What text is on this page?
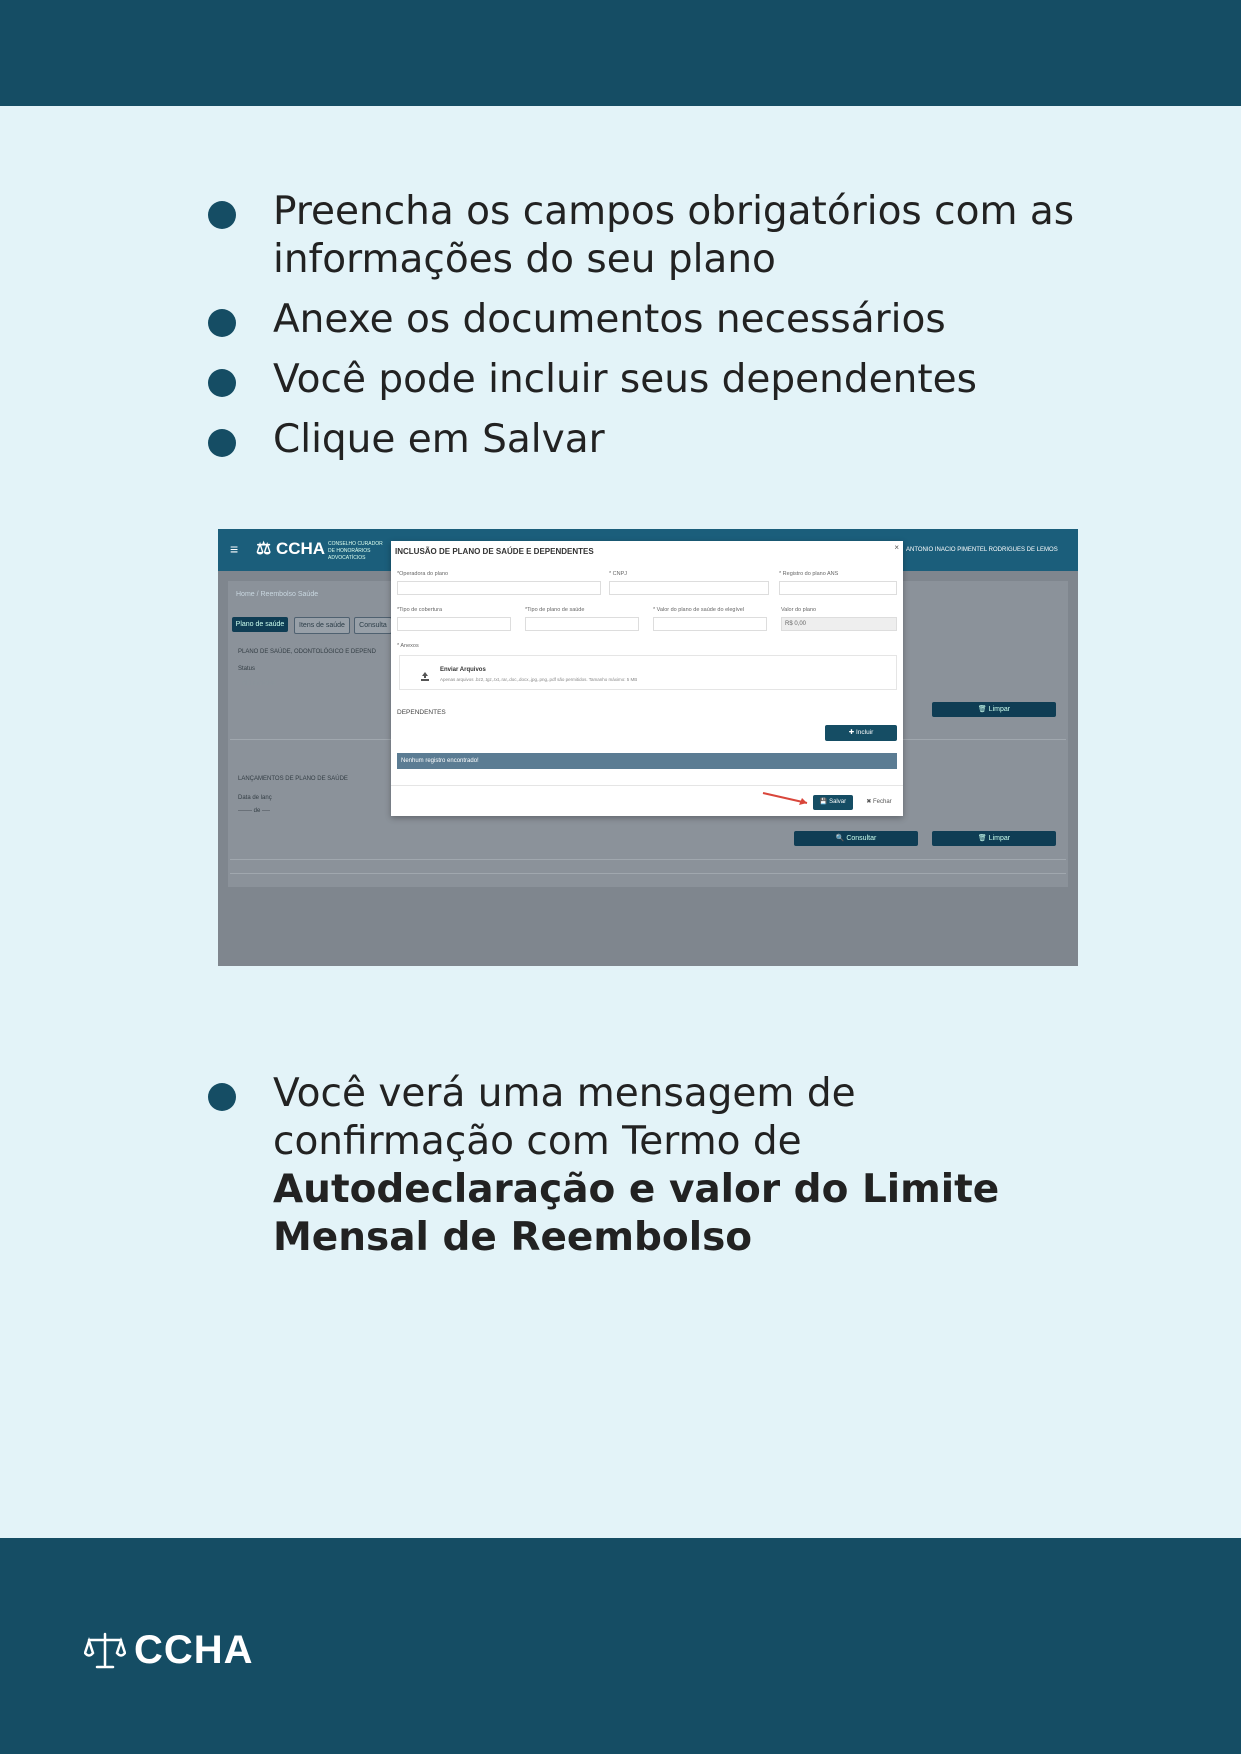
Preencha os campos obrigatórios com as informações do seu plano
Anexe os documentos necessários
Você pode incluir seus dependentes
Clique em Salvar
≡ ⚖ CCHA CONSELHO CURADOR DE HONORÁRIOS ADVOCATÍCIOS
ANTONIO INACIO PIMENTEL RODRIGUES DE LEMOS
Home / Reembolso Saúde
Plano de saúde	Itens de saúde	Consulta
PLANO DE SAÚDE, ODONTOLÓGICO E DEPEND
Status
SELECIONE
🗑 Limpar
LANÇAMENTOS DE PLANO DE SAÚDE
Data de lanç
------- de ----
🔍 Consultar	🗑 Limpar
INCLUSÃO DE PLANO DE SAÚDE E DEPENDENTES	×
*Operadora do plano	* CNPJ	* Registro do plano ANS
*Tipo de cobertura	*Tipo de plano de saúde	* Valor do plano de saúde do elegível	Valor do plano
R$ 0,00
* Anexos
Enviar Arquivos
Apenas arquivos .bz2,.tgz,.txt,.rar,.doc,.docx,.jpg,.png,.pdf são permitidos. Tamanho máximo: 5 MB
DEPENDENTES
✚ Incluir
Nenhum registro encontrado!
💾 Salvar	✖ Fechar
Você verá uma mensagem de confirmação com Termo de Autodeclaração e valor do Limite Mensal de Reembolso
CCHA
